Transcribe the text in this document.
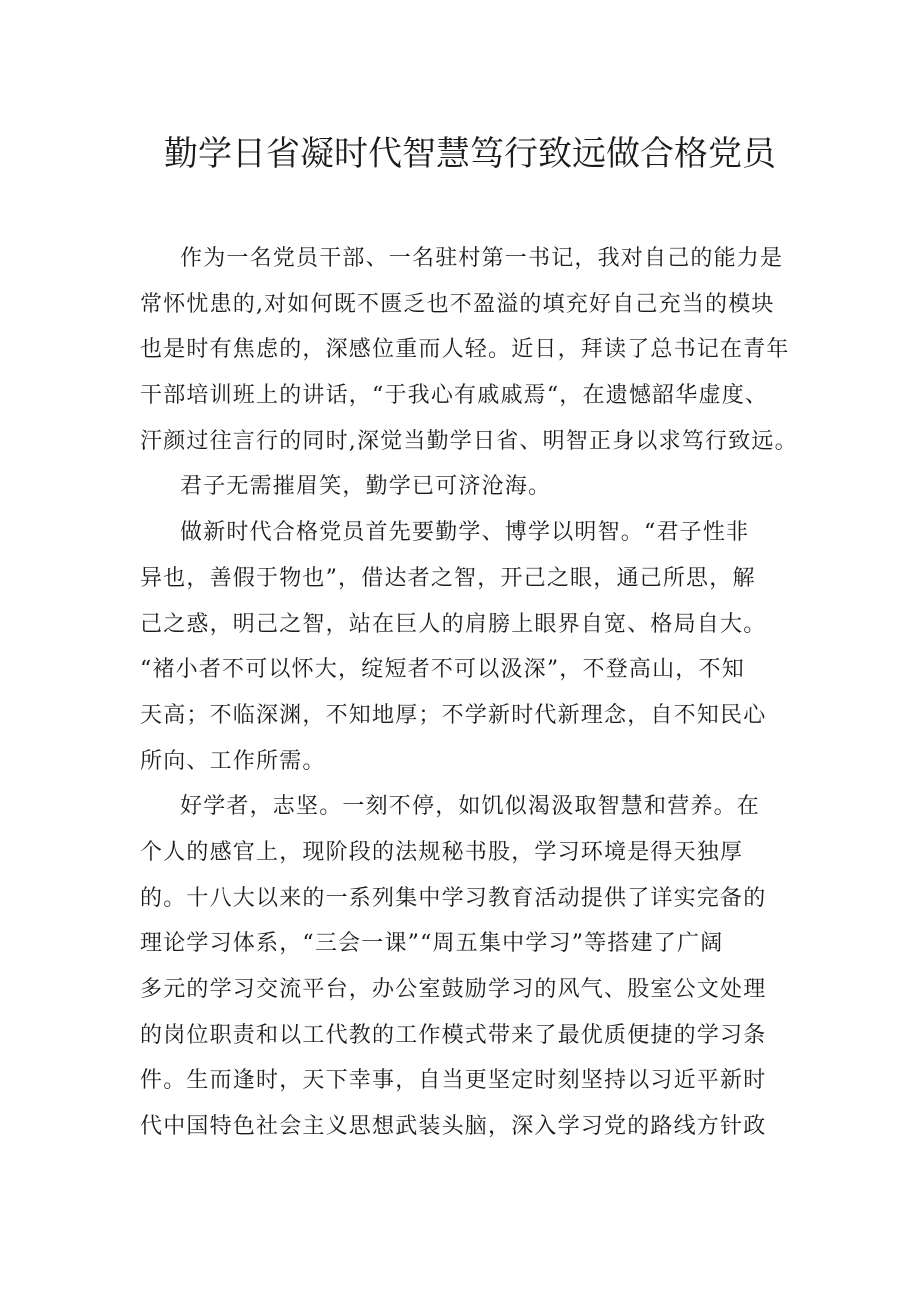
勤学日省凝时代智慧笃行致远做合格党员
作为一名党员干部、一名驻村第一书记，我对自己的能力是
常怀忧患的,对如何既不匮乏也不盈溢的填充好自己充当的模块
也是时有焦虑的，深感位重而人轻。近日，拜读了总书记在青年
干部培训班上的讲话，“于我心有戚戚焉“，在遗憾韶华虚度、
汗颜过往言行的同时,深觉当勤学日省、明智正身以求笃行致远。
君子无需摧眉笑，勤学已可济沧海。
做新时代合格党员首先要勤学、博学以明智。“君子性非
异也，善假于物也”，借达者之智，开己之眼，通己所思，解
己之惑，明己之智，站在巨人的肩膀上眼界自宽、格局自大。
“褚小者不可以怀大，绽短者不可以汲深”，不登高山，不知
天高；不临深渊，不知地厚；不学新时代新理念，自不知民心
所向、工作所需。
好学者，志坚。一刻不停，如饥似渴汲取智慧和营养。在
个人的感官上，现阶段的法规秘书股，学习环境是得天独厚
的。十八大以来的一系列集中学习教育活动提供了详实完备的
理论学习体系，“三会一课”“周五集中学习”等搭建了广阔
多元的学习交流平台，办公室鼓励学习的风气、股室公文处理
的岗位职责和以工代教的工作模式带来了最优质便捷的学习条
件。生而逢时，天下幸事，自当更坚定时刻坚持以习近平新时
代中国特色社会主义思想武装头脑，深入学习党的路线方针政
